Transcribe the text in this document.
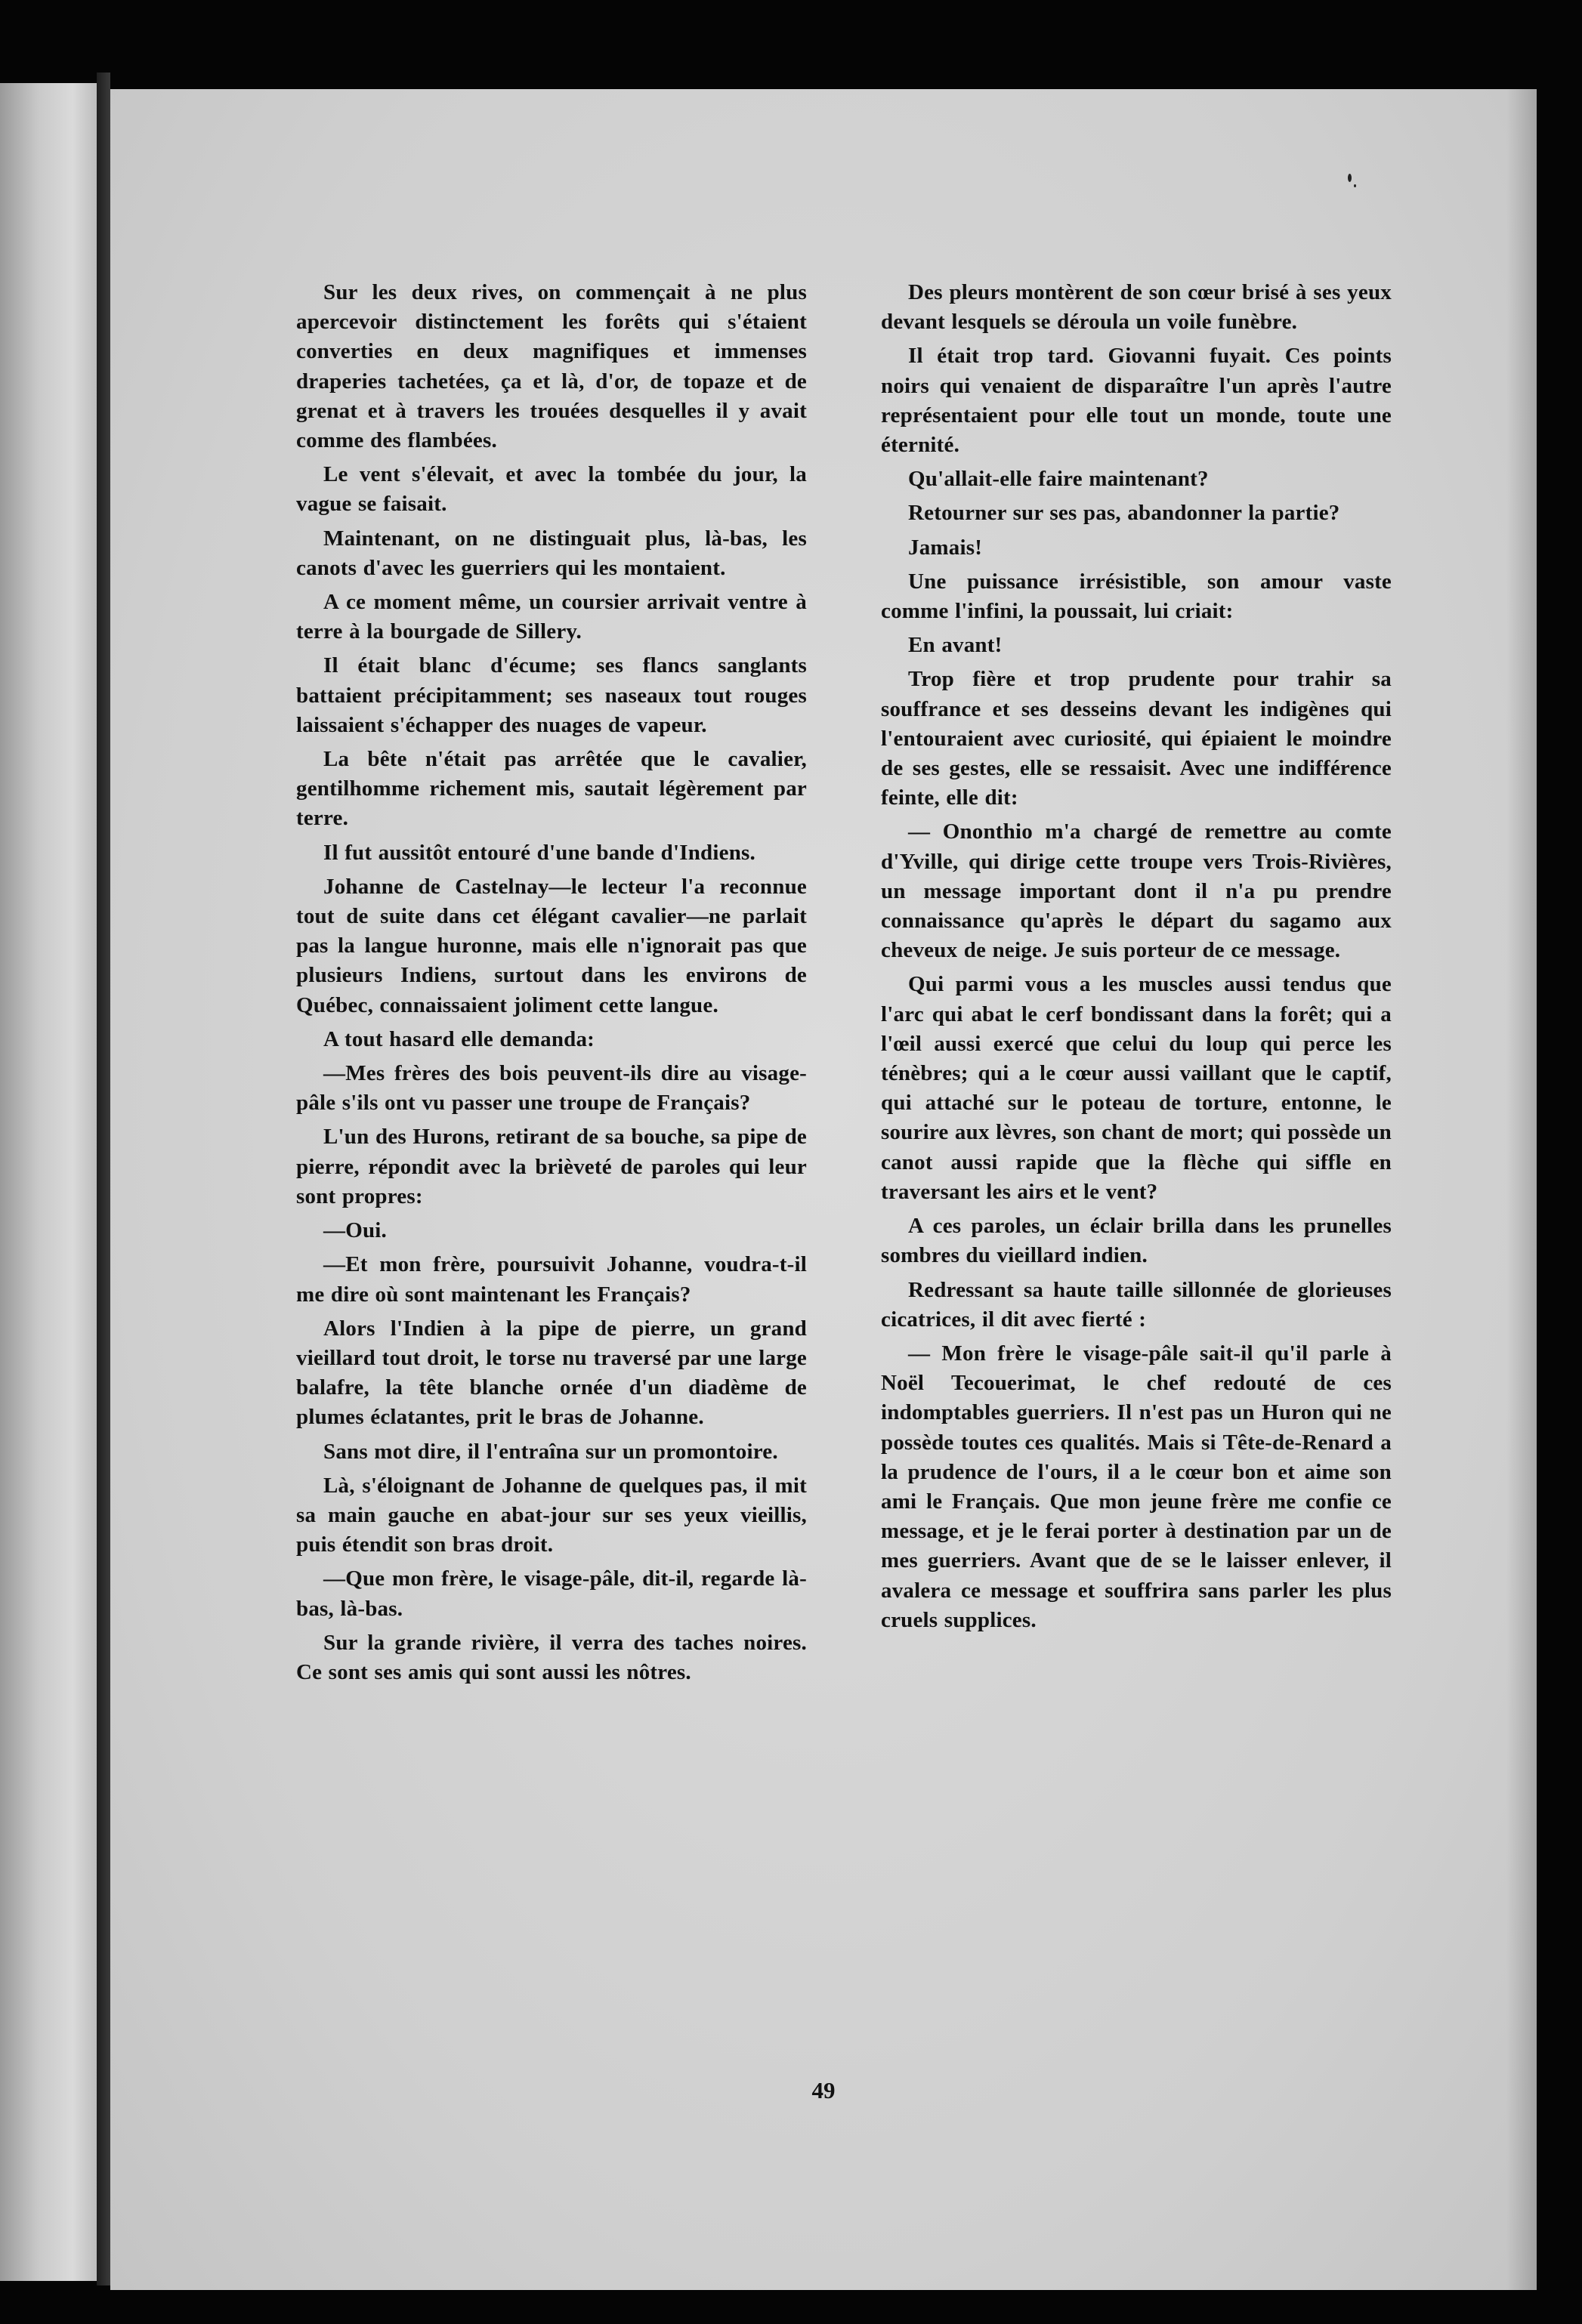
Sur les deux rives, on commençait à ne plus apercevoir distinctement les forêts qui s'étaient converties en deux magnifiques et immenses draperies tachetées, ça et là, d'or, de topaze et de grenat et à travers les trouées desquelles il y avait comme des flambées.

Le vent s'élevait, et avec la tombée du jour, la vague se faisait.

Maintenant, on ne distinguait plus, là-bas, les canots d'avec les guerriers qui les montaient.

A ce moment même, un coursier arrivait ventre à terre à la bourgade de Sillery.

Il était blanc d'écume; ses flancs sanglants battaient précipitamment; ses naseaux tout rouges laissaient s'échapper des nuages de vapeur.

La bête n'était pas arrêtée que le cavalier, gentilhomme richement mis, sautait légèrement par terre.

Il fut aussitôt entouré d'une bande d'Indiens.

Johanne de Castelnay—le lecteur l'a reconnue tout de suite dans cet élégant cavalier—ne parlait pas la langue huronne, mais elle n'ignorait pas que plusieurs Indiens, surtout dans les environs de Québec, connaissaient joliment cette langue.

A tout hasard elle demanda:

—Mes frères des bois peuvent-ils dire au visage-pâle s'ils ont vu passer une troupe de Français?

L'un des Hurons, retirant de sa bouche, sa pipe de pierre, répondit avec la brièveté de paroles qui leur sont propres:

—Oui.

—Et mon frère, poursuivit Johanne, voudra-t-il me dire où sont maintenant les Français?

Alors l'Indien à la pipe de pierre, un grand vieillard tout droit, le torse nu traversé par une large balafre, la tête blanche ornée d'un diadème de plumes éclatantes, prit le bras de Johanne.

Sans mot dire, il l'entraîna sur un promontoire.

Là, s'éloignant de Johanne de quelques pas, il mit sa main gauche en abat-jour sur ses yeux vieillis, puis étendit son bras droit.

—Que mon frère, le visage-pâle, dit-il, regarde là-bas, là-bas.

Sur la grande rivière, il verra des taches noires. Ce sont ses amis qui sont aussi les nôtres.

Des pleurs montèrent de son cœur brisé à ses yeux devant lesquels se déroula un voile funèbre.

Il était trop tard. Giovanni fuyait. Ces points noirs qui venaient de disparaître l'un après l'autre représentaient pour elle tout un monde, toute une éternité.

Qu'allait-elle faire maintenant?

Retourner sur ses pas, abandonner la partie?

Jamais!

Une puissance irrésistible, son amour vaste comme l'infini, la poussait, lui criait:

En avant!

Trop fière et trop prudente pour trahir sa souffrance et ses desseins devant les indigènes qui l'entouraient avec curiosité, qui épiaient le moindre de ses gestes, elle se ressaisit. Avec une indifférence feinte, elle dit:

— Ononthio m'a chargé de remettre au comte d'Yville, qui dirige cette troupe vers Trois-Rivières, un message important dont il n'a pu prendre connaissance qu'après le départ du sagamo aux cheveux de neige. Je suis porteur de ce message.

Qui parmi vous a les muscles aussi tendus que l'arc qui abat le cerf bondissant dans la forêt; qui a l'œil aussi exercé que celui du loup qui perce les ténèbres; qui a le cœur aussi vaillant que le captif, qui attaché sur le poteau de torture, entonne, le sourire aux lèvres, son chant de mort; qui possède un canot aussi rapide que la flèche qui siffle en traversant les airs et le vent?

A ces paroles, un éclair brilla dans les prunelles sombres du vieillard indien.

Redressant sa haute taille sillonnée de glorieuses cicatrices, il dit avec fierté :

— Mon frère le visage-pâle sait-il qu'il parle à Noël Tecouerimat, le chef redouté de ces indomptables guerriers. Il n'est pas un Huron qui ne possède toutes ces qualités. Mais si Tête-de-Renard a la prudence de l'ours, il a le cœur bon et aime son ami le Français. Que mon jeune frère me confie ce message, et je le ferai porter à destination par un de mes guerriers. Avant que de se le laisser enlever, il avalera ce message et souffrira sans parler les plus cruels supplices.

49
